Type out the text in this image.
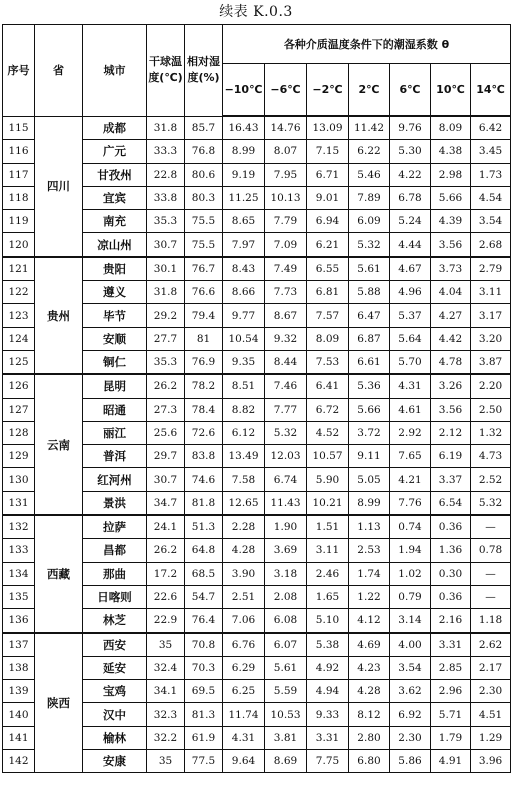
续表 K.0.3
序号	省	城市	干球温度(℃)	相对湿度(%)	各种介质温度条件下的潮湿系数 θ						
					−10℃	−6℃	−2℃	2℃	6℃	10℃	14℃
115	四川	成都	31.8	85.7	16.43	14.76	13.09	11.42	9.76	8.09	6.42
116		广元	33.3	76.8	8.99	8.07	7.15	6.22	5.30	4.38	3.45
117		甘孜州	22.8	80.6	9.19	7.95	6.71	5.46	4.22	2.98	1.73
118		宜宾	33.8	80.3	11.25	10.13	9.01	7.89	6.78	5.66	4.54
119		南充	35.3	75.5	8.65	7.79	6.94	6.09	5.24	4.39	3.54
120		凉山州	30.7	75.5	7.97	7.09	6.21	5.32	4.44	3.56	2.68
121	贵州	贵阳	30.1	76.7	8.43	7.49	6.55	5.61	4.67	3.73	2.79
122		遵义	31.8	76.6	8.66	7.73	6.81	5.88	4.96	4.04	3.11
123		毕节	29.2	79.4	9.77	8.67	7.57	6.47	5.37	4.27	3.17
124		安顺	27.7	81	10.54	9.32	8.09	6.87	5.64	4.42	3.20
125		铜仁	35.3	76.9	9.35	8.44	7.53	6.61	5.70	4.78	3.87
126	云南	昆明	26.2	78.2	8.51	7.46	6.41	5.36	4.31	3.26	2.20
127		昭通	27.3	78.4	8.82	7.77	6.72	5.66	4.61	3.56	2.50
128		丽江	25.6	72.6	6.12	5.32	4.52	3.72	2.92	2.12	1.32
129		普洱	29.7	83.8	13.49	12.03	10.57	9.11	7.65	6.19	4.73
130		红河州	30.7	74.6	7.58	6.74	5.90	5.05	4.21	3.37	2.52
131		景洪	34.7	81.8	12.65	11.43	10.21	8.99	7.76	6.54	5.32
132	西藏	拉萨	24.1	51.3	2.28	1.90	1.51	1.13	0.74	0.36	—
133		昌都	26.2	64.8	4.28	3.69	3.11	2.53	1.94	1.36	0.78
134		那曲	17.2	68.5	3.90	3.18	2.46	1.74	1.02	0.30	—
135		日喀则	22.6	54.7	2.51	2.08	1.65	1.22	0.79	0.36	—
136		林芝	22.9	76.4	7.06	6.08	5.10	4.12	3.14	2.16	1.18
137	陕西	西安	35	70.8	6.76	6.07	5.38	4.69	4.00	3.31	2.62
138		延安	32.4	70.3	6.29	5.61	4.92	4.23	3.54	2.85	2.17
139		宝鸡	34.1	69.5	6.25	5.59	4.94	4.28	3.62	2.96	2.30
140		汉中	32.3	81.3	11.74	10.53	9.33	8.12	6.92	5.71	4.51
141		榆林	32.2	61.9	4.31	3.81	3.31	2.80	2.30	1.79	1.29
142		安康	35	77.5	9.64	8.69	7.75	6.80	5.86	4.91	3.96
